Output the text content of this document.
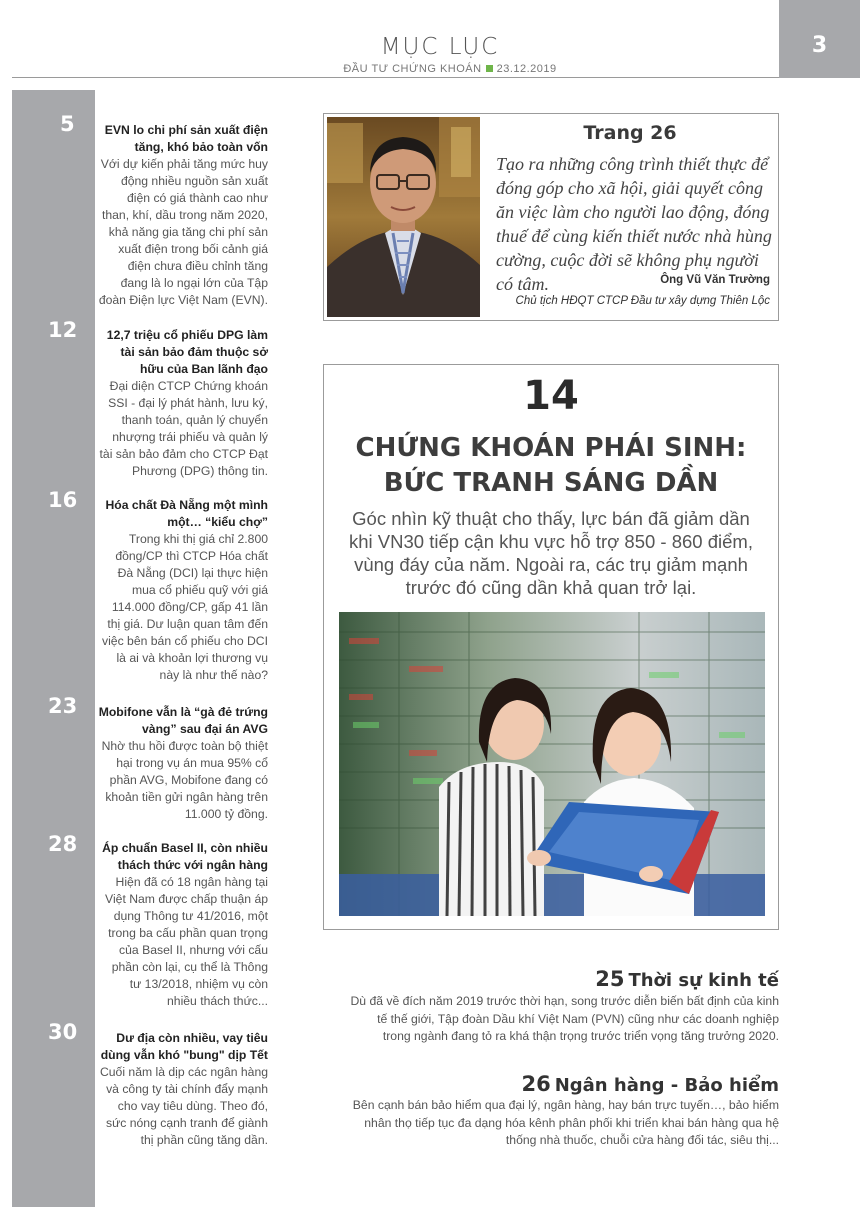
3
MỤC LỤC
ĐẦU TƯ CHỨNG KHOÁN 23.12.2019
5	EVN lo chi phí sản xuất điện tăng, khó bảo toàn vốn
Với dự kiến phải tăng mức huy động nhiều nguồn sản xuất điện có giá thành cao như than, khí, dầu trong năm 2020, khả năng gia tăng chi phí sản xuất điện trong bối cảnh giá điện chưa điều chỉnh tăng đang là lo ngại lớn của Tập đoàn Điện lực Việt Nam (EVN).
12	12,7 triệu cổ phiếu DPG làm tài sản bảo đảm thuộc sở hữu của Ban lãnh đạo
Đại diện CTCP Chứng khoán SSI - đại lý phát hành, lưu ký, thanh toán, quản lý chuyển nhượng trái phiếu và quản lý tài sản bảo đảm cho CTCP Đạt Phương (DPG) thông tin.
16	Hóa chất Đà Nẵng một mình một… “kiểu chợ”
Trong khi thị giá chỉ 2.800 đồng/CP thì CTCP Hóa chất Đà Nẵng (DCI) lại thực hiện mua cổ phiếu quỹ với giá 114.000 đồng/CP, gấp 41 lần thị giá. Dư luận quan tâm đến việc bên bán cổ phiếu cho DCI là ai và khoản lợi thương vụ này là như thế nào?
23	Mobifone vẫn là “gà đẻ trứng vàng” sau đại án AVG
Nhờ thu hồi được toàn bộ thiệt hại trong vụ án mua 95% cổ phần AVG, Mobifone đang có khoản tiền gửi ngân hàng trên 11.000 tỷ đồng.
28	Áp chuẩn Basel II, còn nhiều thách thức với ngân hàng
Hiện đã có 18 ngân hàng tại Việt Nam được chấp thuận áp dụng Thông tư 41/2016, một trong ba cấu phần quan trọng của Basel II, nhưng với cấu phần còn lại, cụ thể là Thông tư 13/2018, nhiệm vụ còn nhiều thách thức...
30	Dư địa còn nhiều, vay tiêu dùng vẫn khó "bung" dịp Tết
Cuối năm là dịp các ngân hàng và công ty tài chính đẩy mạnh cho vay tiêu dùng. Theo đó, sức nóng cạnh tranh để giành thị phần cũng tăng dần.
Trang 26
Tạo ra những công trình thiết thực để đóng góp cho xã hội, giải quyết công ăn việc làm cho người lao động, đóng thuế để cùng kiến thiết nước nhà hùng cường, cuộc đời sẽ không phụ người có tâm.	Ông Vũ Văn Trường
Chủ tịch HĐQT CTCP Đầu tư xây dựng Thiên Lộc
14
CHỨNG KHOÁN PHÁI SINH:
BỨC TRANH SÁNG DẦN
Góc nhìn kỹ thuật cho thấy, lực bán đã giảm dần khi VN30 tiếp cận khu vực hỗ trợ 850 - 860 điểm, vùng đáy của năm. Ngoài ra, các trụ giảm mạnh trước đó cũng dần khả quan trở lại.
25 Thời sự kinh tế
Dù đã về đích năm 2019 trước thời hạn, song trước diễn biến bất định của kinh tế thế giới, Tập đoàn Dầu khí Việt Nam (PVN) cũng như các doanh nghiệp trong ngành đang tỏ ra khá thận trọng trước triển vọng tăng trưởng 2020.
26 Ngân hàng - Bảo hiểm
Bên cạnh bán bảo hiểm qua đại lý, ngân hàng, hay bán trực tuyến…, bảo hiểm nhân thọ tiếp tục đa dạng hóa kênh phân phối khi triển khai bán hàng qua hệ thống nhà thuốc, chuỗi cửa hàng đối tác, siêu thị...
